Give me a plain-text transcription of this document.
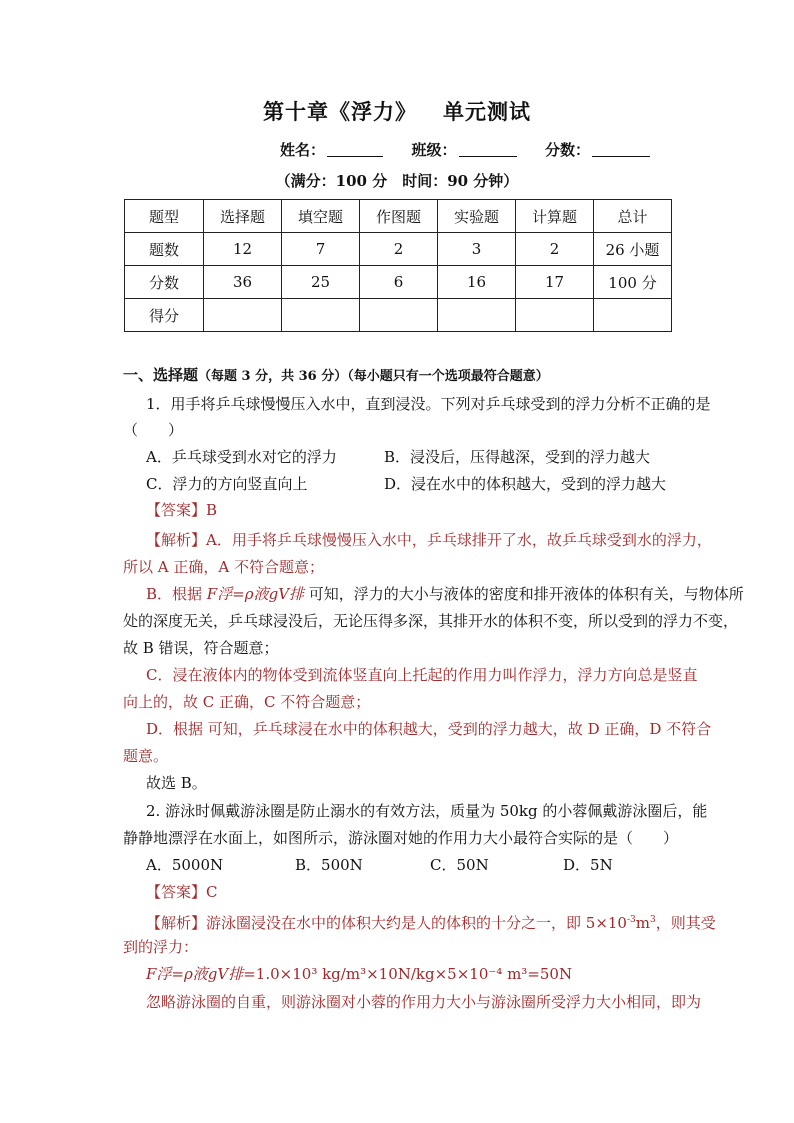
第十章《浮力》 单元测试
姓名：	班级：	分数：
（满分：100 分　时间：90 分钟）
题型	选择题	填空题	作图题	实验题	计算题	总计
题数	12	7	2	3	2	26 小题
分数	36	25	6	16	17	100 分
得分						
一、选择题（每题 3 分，共 36 分）（每小题只有一个选项最符合题意）
1．用手将乒乓球慢慢压入水中，直到浸没。下列对乒乓球受到的浮力分析不正确的是
（　　）
A．乒乓球受到水对它的浮力	B．浸没后，压得越深，受到的浮力越大
C．浮力的方向竖直向上	D．浸在水中的体积越大，受到的浮力越大
【答案】B
【解析】A．用手将乒乓球慢慢压入水中，乒乓球排开了水，故乒乓球受到水的浮力，
所以 A 正确，A 不符合题意；
B．根据 F浮=ρ液gV排 可知，浮力的大小与液体的密度和排开液体的体积有关，与物体所
处的深度无关，乒乓球浸没后，无论压得多深，其排开水的体积不变，所以受到的浮力不变，
故 B 错误，符合题意；
C．浸在液体内的物体受到流体竖直向上托起的作用力叫作浮力，浮力方向总是竖直
向上的，故 C 正确，C 不符合题意；
D．根据 可知，乒乓球浸在水中的体积越大，受到的浮力越大，故 D 正确，D 不符合
题意。
故选 B。
2. 游泳时佩戴游泳圈是防止溺水的有效方法，质量为 50kg 的小蓉佩戴游泳圈后，能
静静地漂浮在水面上，如图所示，游泳圈对她的作用力大小最符合实际的是（　　）
A．5000N	B．500N	C．50N	D．5N
【答案】C
【解析】游泳圈浸没在水中的体积大约是人的体积的十分之一，即 $5\times 10^{-3}m^3$，则其受
到的浮力：
F浮=ρ液gV排=1.0×10³ kg/m³×10N/kg×5×10⁻⁴ m³=50N
忽略游泳圈的自重，则游泳圈对小蓉的作用力大小与游泳圈所受浮力大小相同，即为
